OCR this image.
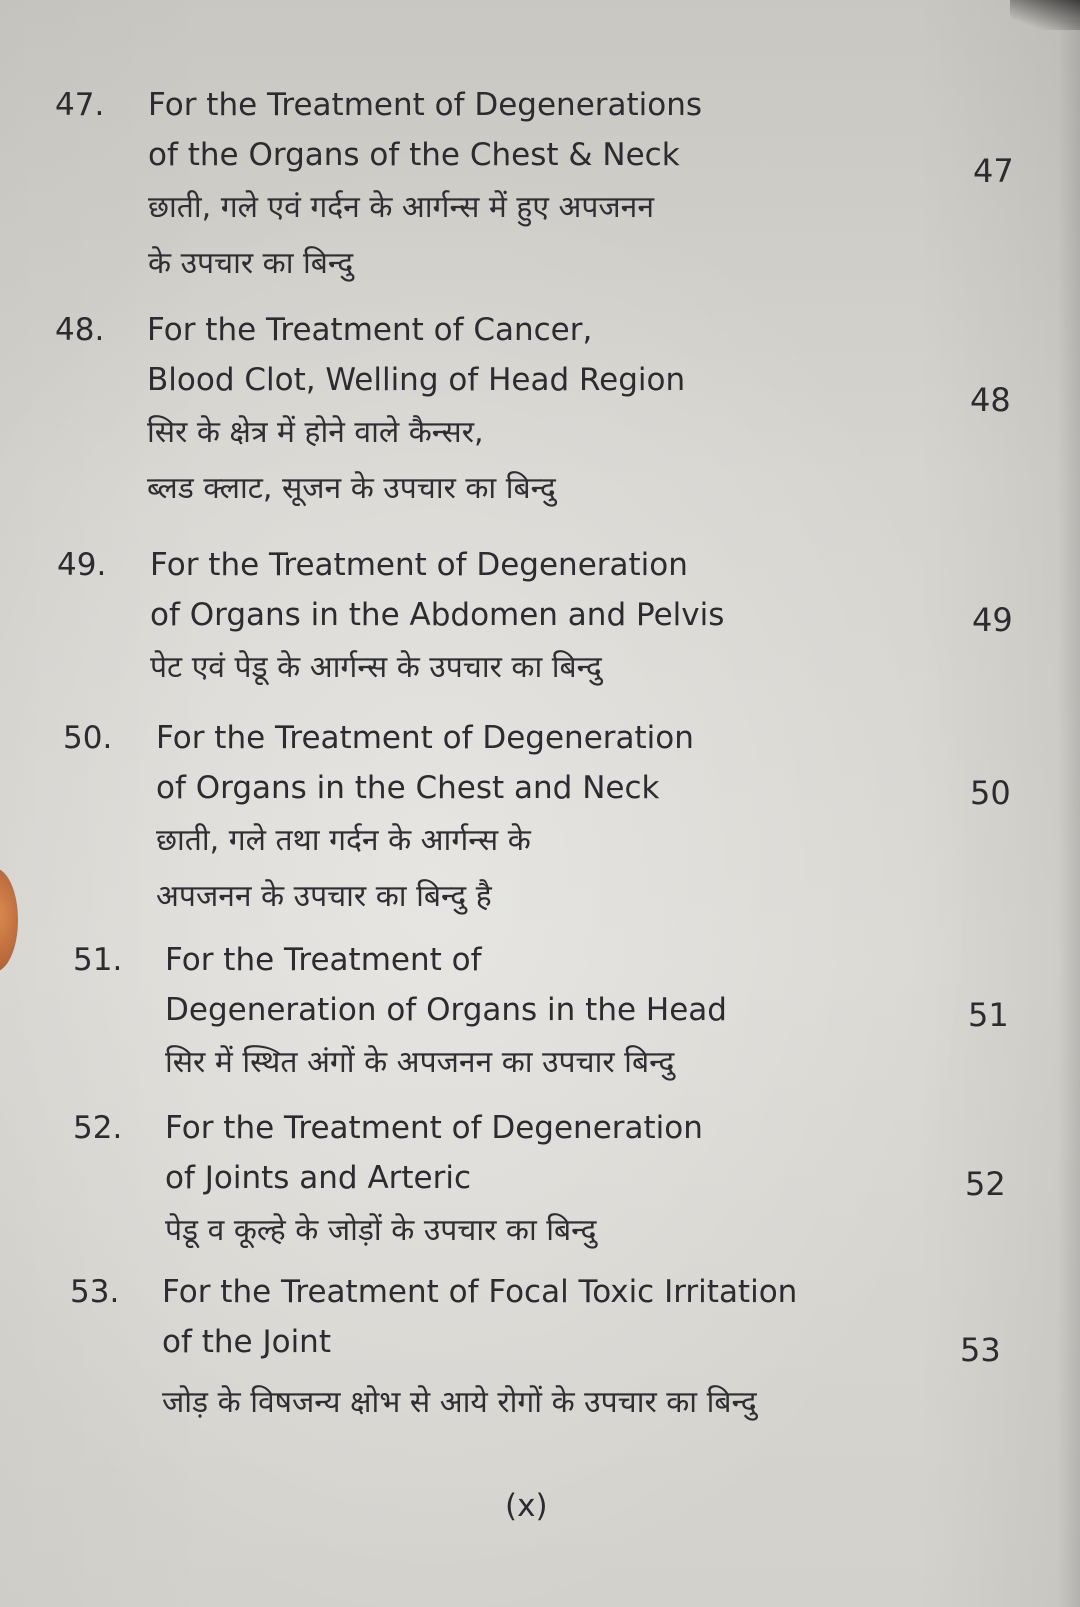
47. For the Treatment of Degenerations
of the Organs of the Chest & Neck
छाती, गले एवं गर्दन के आर्गन्स में हुए अपजनन
के उपचार का बिन्दु
47
48. For the Treatment of Cancer,
Blood Clot, Welling of Head Region
सिर के क्षेत्र में होने वाले कैन्सर,
ब्लड क्लाट, सूजन के उपचार का बिन्दु
48
49. For the Treatment of Degeneration
of Organs in the Abdomen and Pelvis
पेट एवं पेडू के आर्गन्स के उपचार का बिन्दु
49
50. For the Treatment of Degeneration
of Organs in the Chest and Neck
छाती, गले तथा गर्दन के आर्गन्स के
अपजनन के उपचार का बिन्दु है
50
51. For the Treatment of
Degeneration of Organs in the Head
सिर में स्थित अंगों के अपजनन का उपचार बिन्दु
51
52. For the Treatment of Degeneration
of Joints and Arteric
पेडू व कूल्हे के जोड़ों के उपचार का बिन्दु
52
53. For the Treatment of Focal Toxic Irritation
of the Joint
जोड़ के विषजन्य क्षोभ से आये रोगों के उपचार का बिन्दु
53
(x)
